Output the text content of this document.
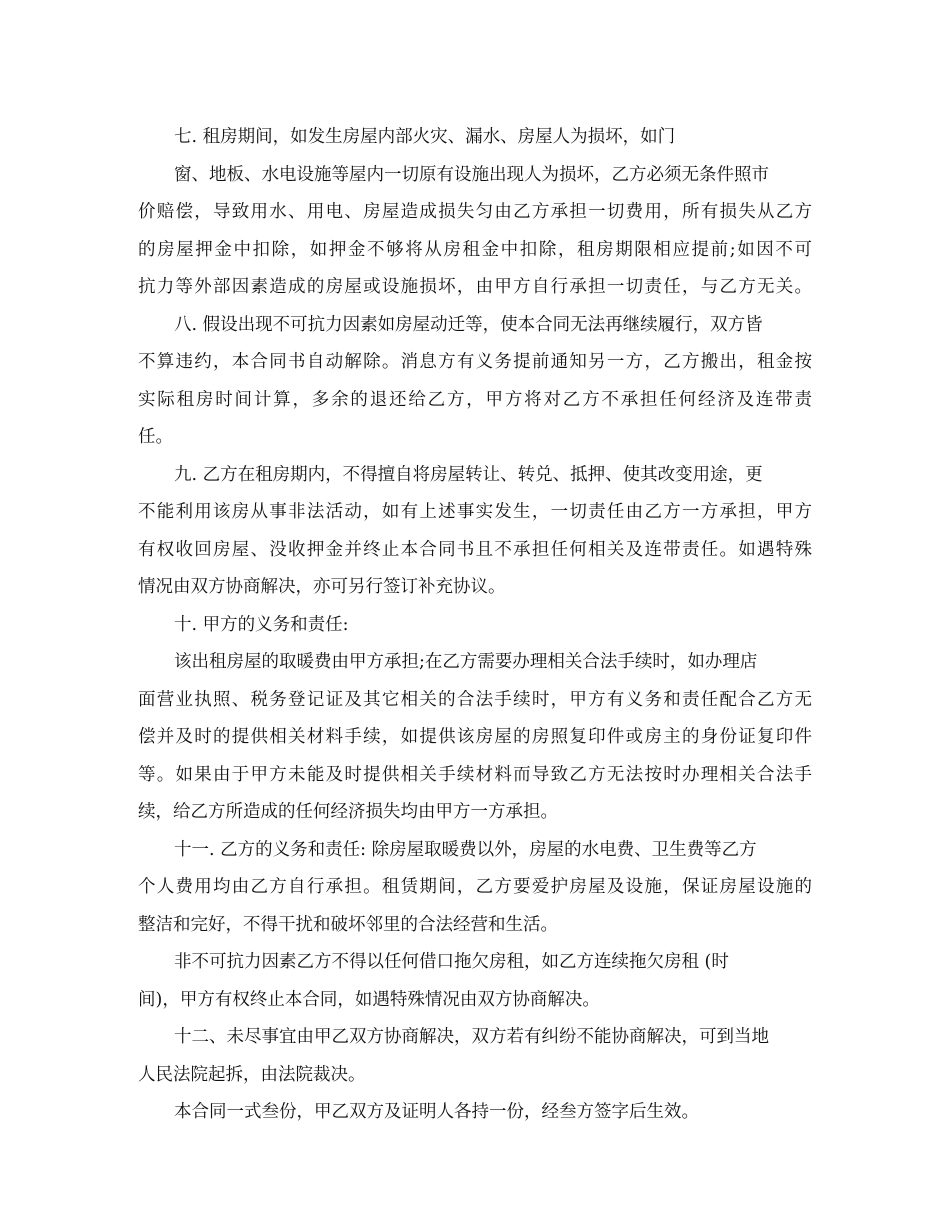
七. 租房期间，如发生房屋内部火灾、漏水、房屋人为损坏，如门
窗、地板、水电设施等屋内一切原有设施出现人为损坏，乙方必须无条件照市
价赔偿，导致用水、用电、房屋造成损失匀由乙方承担一切费用，所有损失从乙方
的房屋押金中扣除，如押金不够将从房租金中扣除，租房期限相应提前;如因不可
抗力等外部因素造成的房屋或设施损坏，由甲方自行承担一切责任，与乙方无关。
八. 假设出现不可抗力因素如房屋动迁等，使本合同无法再继续履行，双方皆
不算违约，本合同书自动解除。消息方有义务提前通知另一方，乙方搬出，租金按
实际租房时间计算，多余的退还给乙方，甲方将对乙方不承担任何经济及连带责
任。
九. 乙方在租房期内，不得擅自将房屋转让、转兑、抵押、使其改变用途，更
不能利用该房从事非法活动，如有上述事实发生，一切责任由乙方一方承担，甲方
有权收回房屋、没收押金并终止本合同书且不承担任何相关及连带责任。如遇特殊
情况由双方协商解决，亦可另行签订补充协议。
十. 甲方的义务和责任:
该出租房屋的取暖费由甲方承担;在乙方需要办理相关合法手续时，如办理店
面营业执照、税务登记证及其它相关的合法手续时，甲方有义务和责任配合乙方无
偿并及时的提供相关材料手续，如提供该房屋的房照复印件或房主的身份证复印件
等。如果由于甲方未能及时提供相关手续材料而导致乙方无法按时办理相关合法手
续，给乙方所造成的任何经济损失均由甲方一方承担。
十一. 乙方的义务和责任: 除房屋取暖费以外，房屋的水电费、卫生费等乙方
个人费用均由乙方自行承担。租赁期间，乙方要爱护房屋及设施，保证房屋设施的
整洁和完好，不得干扰和破坏邻里的合法经营和生活。
非不可抗力因素乙方不得以任何借口拖欠房租，如乙方连续拖欠房租 (时
间)，甲方有权终止本合同，如遇特殊情况由双方协商解决。
十二、未尽事宜由甲乙双方协商解决，双方若有纠纷不能协商解决，可到当地
人民法院起拆，由法院裁决。
本合同一式叁份，甲乙双方及证明人各持一份，经叁方签字后生效。
